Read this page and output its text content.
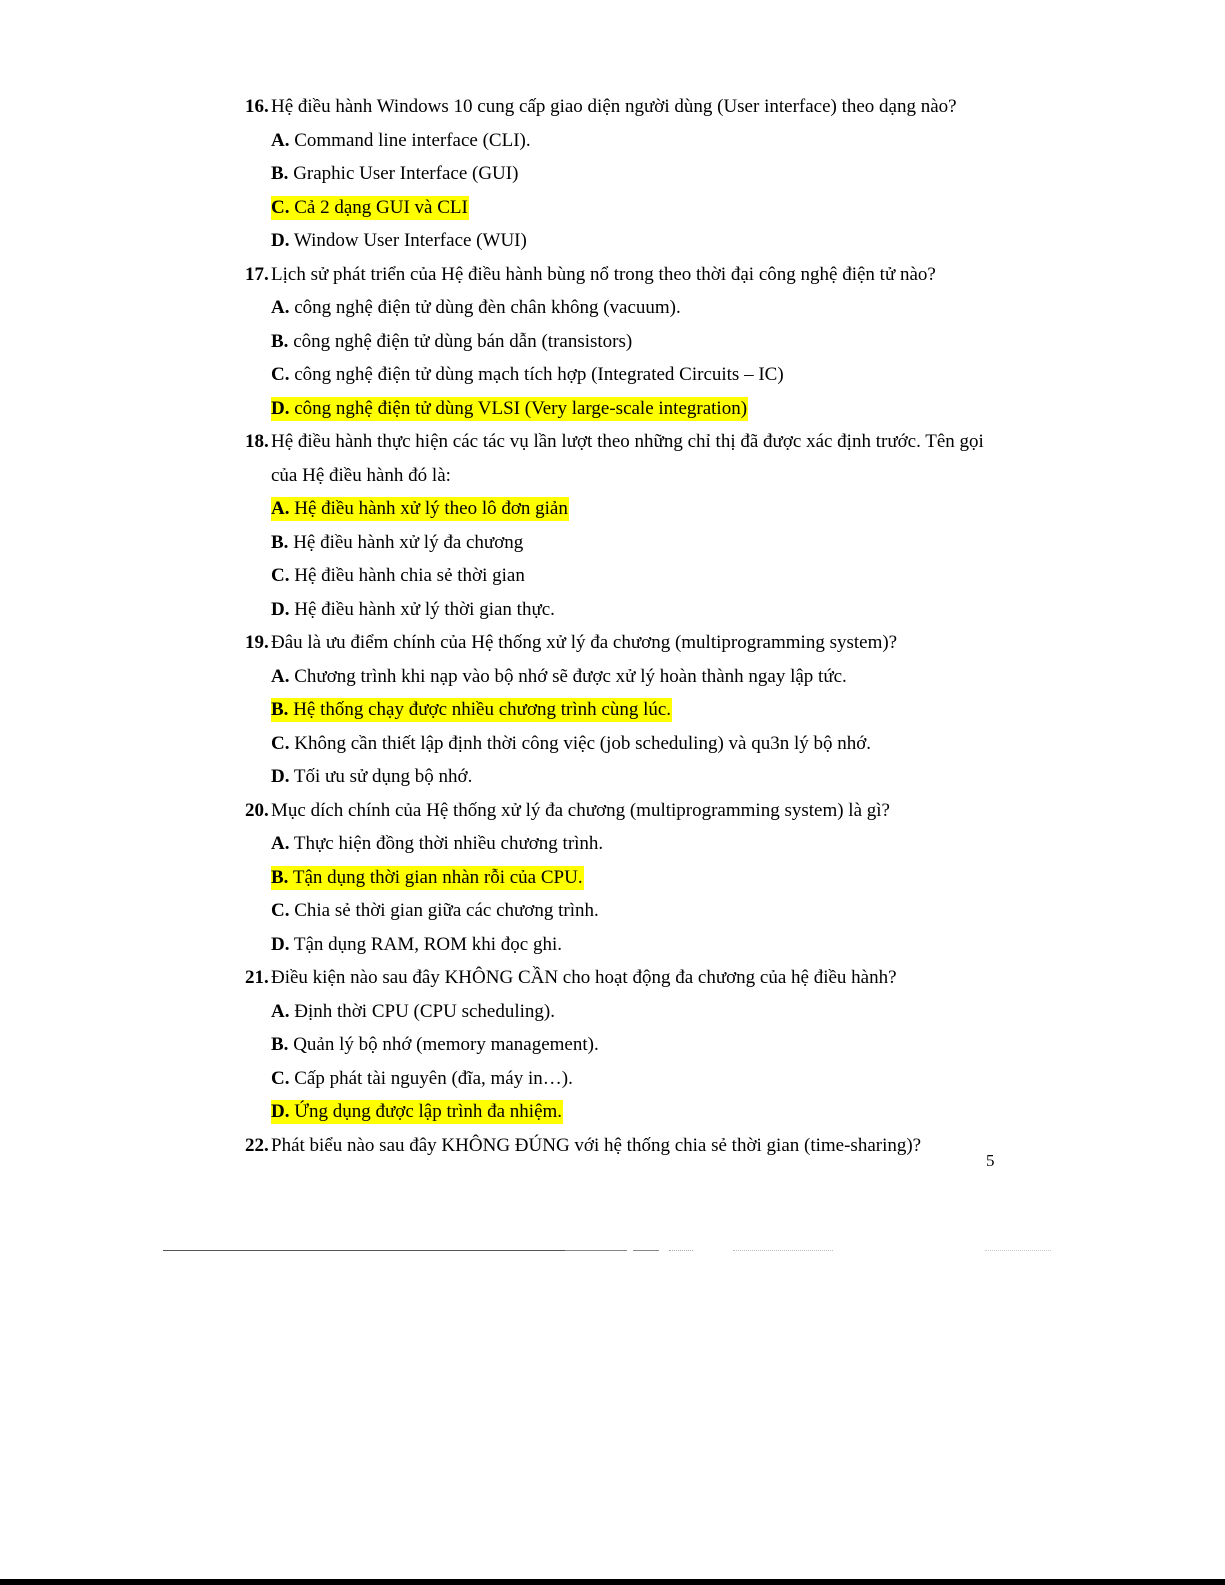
16. Hệ điều hành Windows 10 cung cấp giao diện người dùng (User interface) theo dạng nào?
A. Command line interface (CLI).
B. Graphic User Interface (GUI)
C. Cả 2 dạng GUI và CLI
D. Window User Interface (WUI)
17. Lịch sử phát triển của Hệ điều hành bùng nổ trong theo thời đại công nghệ điện tử nào?
A. công nghệ điện tử dùng đèn chân không (vacuum).
B. công nghệ điện tử dùng bán dẫn (transistors)
C. công nghệ điện tử dùng mạch tích hợp (Integrated Circuits – IC)
D. công nghệ điện tử dùng VLSI (Very large-scale integration)
18. Hệ điều hành thực hiện các tác vụ lần lượt theo những chỉ thị đã được xác định trước. Tên gọi của Hệ điều hành đó là:
A. Hệ điều hành xử lý theo lô đơn giản
B. Hệ điều hành xử lý đa chương
C. Hệ điều hành chia sẻ thời gian
D. Hệ điều hành xử lý thời gian thực.
19. Đâu là ưu điểm chính của Hệ thống xử lý đa chương (multiprogramming system)?
A. Chương trình khi nạp vào bộ nhớ sẽ được xử lý hoàn thành ngay lập tức.
B. Hệ thống chạy được nhiều chương trình cùng lúc.
C. Không cần thiết lập định thời công việc (job scheduling) và qu3n lý bộ nhớ.
D. Tối ưu sử dụng bộ nhớ.
20. Mục dích chính của Hệ thống xử lý đa chương (multiprogramming system) là gì?
A. Thực hiện đồng thời nhiều chương trình.
B. Tận dụng thời gian nhàn rỗi của CPU.
C. Chia sẻ thời gian giữa các chương trình.
D. Tận dụng RAM, ROM khi đọc ghi.
21. Điều kiện nào sau đây KHÔNG CẦN cho hoạt động đa chương của hệ điều hành?
A. Định thời CPU (CPU scheduling).
B. Quản lý bộ nhớ (memory management).
C. Cấp phát tài nguyên (đĩa, máy in…).
D. Ứng dụng được lập trình đa nhiệm.
22. Phát biểu nào sau đây KHÔNG ĐÚNG với hệ thống chia sẻ thời gian (time-sharing)?
5
